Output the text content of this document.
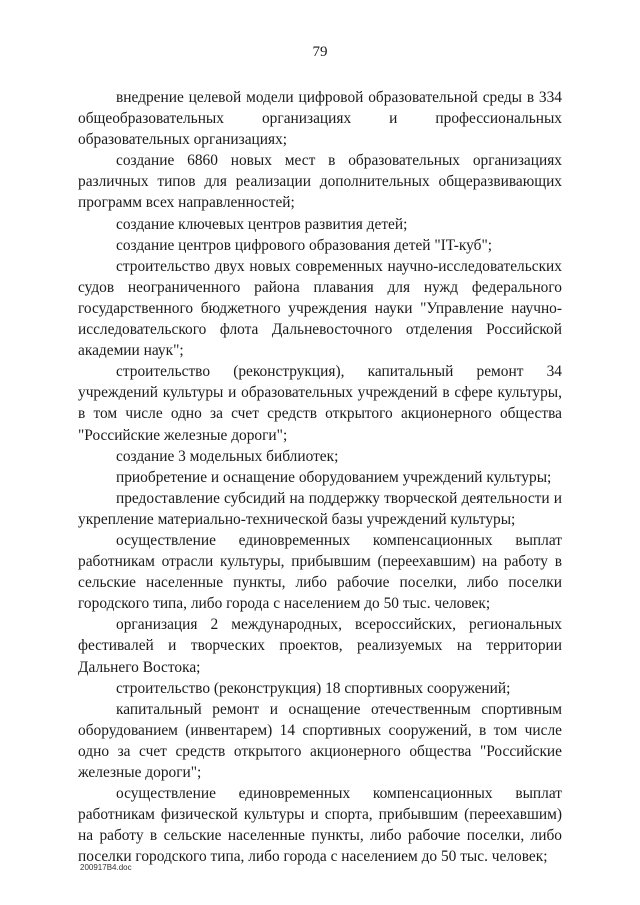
79

внедрение целевой модели цифровой образовательной среды в 334 общеобразовательных организациях и профессиональных образовательных организациях;

создание 6860 новых мест в образовательных организациях различных типов для реализации дополнительных общеразвивающих программ всех направленностей;

создание ключевых центров развития детей;

создание центров цифрового образования детей "IT-куб";

строительство двух новых современных научно-исследовательских судов неограниченного района плавания для нужд федерального государственного бюджетного учреждения науки "Управление научно-исследовательского флота Дальневосточного отделения Российской академии наук";

строительство (реконструкция), капитальный ремонт 34 учреждений культуры и образовательных учреждений в сфере культуры, в том числе одно за счет средств открытого акционерного общества "Российские железные дороги";

создание 3 модельных библиотек;

приобретение и оснащение оборудованием учреждений культуры;

предоставление субсидий на поддержку творческой деятельности и укрепление материально-технической базы учреждений культуры;

осуществление единовременных компенсационных выплат работникам отрасли культуры, прибывшим (переехавшим) на работу в сельские населенные пункты, либо рабочие поселки, либо поселки городского типа, либо города с населением до 50 тыс. человек;

организация 2 международных, всероссийских, региональных фестивалей и творческих проектов, реализуемых на территории Дальнего Востока;

строительство (реконструкция) 18 спортивных сооружений;

капитальный ремонт и оснащение отечественным спортивным оборудованием (инвентарем) 14 спортивных сооружений, в том числе одно за счет средств открытого акционерного общества "Российские железные дороги";

осуществление единовременных компенсационных выплат работникам физической культуры и спорта, прибывшим (переехавшим) на работу в сельские населенные пункты, либо рабочие поселки, либо поселки городского типа, либо города с населением до 50 тыс. человек;

200917B4.doc
